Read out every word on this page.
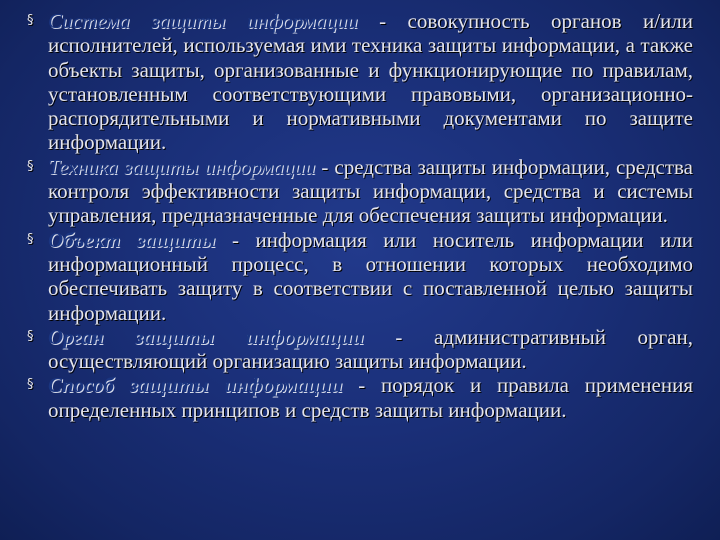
§ Система защиты информации - совокупность органов и/или исполнителей, используемая ими техника защиты информации, а также объекты защиты, организованные и функционирующие по правилам, установленным соответствующими правовыми, организационно-распорядительными и нормативными документами по защите информации.
§ Техника защиты информации - средства защиты информации, средства контроля эффективности защиты информации, средства и системы управления, предназначенные для обеспечения защиты информации.
§ Объект защиты - информация или носитель информации или информационный процесс, в отношении которых необходимо обеспечивать защиту в соответствии с поставленной целью защиты информации.
§ Орган защиты информации - административный орган, осуществляющий организацию защиты информации.
§ Способ защиты информации - порядок и правила применения определенных принципов и средств защиты информации.
